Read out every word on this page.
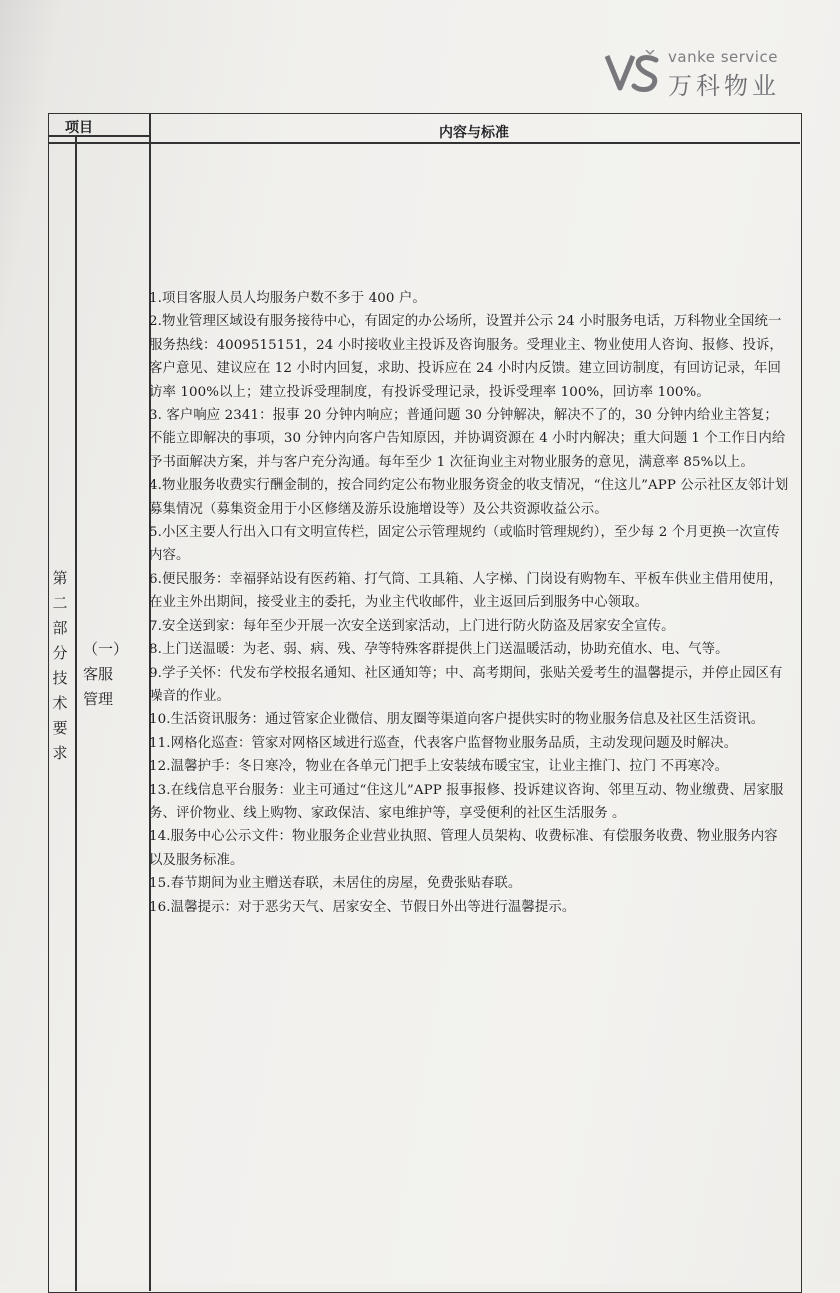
vanke service
万科物业
项目	内容与标准
第二部分 技术要求
（一）客服管理

1.项目客服人员人均服务户数不多于 400 户。

2.物业管理区域设有服务接待中心，有固定的办公场所，设置并公示 24 小时服务电话，万科物业全国统一服务热线：4009515151，24 小时接收业主投诉及咨询服务。受理业主、物业使用人咨询、报修、投诉，客户意见、建议应在 12 小时内回复，求助、投诉应在 24 小时内反馈。建立回访制度，有回访记录，年回访率 100%以上；建立投诉受理制度，有投诉受理记录，投诉受理率 100%，回访率 100%。

3. 客户响应 2341：报事 20 分钟内响应；普通问题 30 分钟解决，解决不了的，30 分钟内给业主答复；不能立即解决的事项，30 分钟内向客户告知原因，并协调资源在 4 小时内解决；重大问题 1 个工作日内给予书面解决方案，并与客户充分沟通。每年至少 1 次征询业主对物业服务的意见，满意率 85%以上。

4.物业服务收费实行酬金制的，按合同约定公布物业服务资金的收支情况，“住这儿”APP 公示社区友邻计划募集情况（募集资金用于小区修缮及游乐设施增设等）及公共资源收益公示。

5.小区主要人行出入口有文明宣传栏，固定公示管理规约（或临时管理规约），至少每 2 个月更换一次宣传内容。

6.便民服务：幸福驿站设有医药箱、打气筒、工具箱、人字梯、门岗设有购物车、平板车供业主借用使用，在业主外出期间，接受业主的委托，为业主代收邮件，业主返回后到服务中心领取。

7.安全送到家：每年至少开展一次安全送到家活动，上门进行防火防盗及居家安全宣传。

8.上门送温暖：为老、弱、病、残、孕等特殊客群提供上门送温暖活动，协助充值水、电、气等。

9.学子关怀：代发布学校报名通知、社区通知等；中、高考期间，张贴关爱考生的温馨提示，并停止园区有噪音的作业。

10.生活资讯服务：通过管家企业微信、朋友圈等渠道向客户提供实时的物业服务信息及社区生活资讯。

11.网格化巡查：管家对网格区域进行巡查，代表客户监督物业服务品质，主动发现问题及时解决。

12.温馨护手：冬日寒冷，物业在各单元门把手上安装绒布暖宝宝，让业主推门、拉门 不再寒冷。

13.在线信息平台服务：业主可通过“住这儿”APP 报事报修、投诉建议咨询、邻里互动、物业缴费、居家服务、评价物业、线上购物、家政保洁、家电维护等，享受便利的社区生活服务 。

14.服务中心公示文件：物业服务企业营业执照、管理人员架构、收费标准、有偿服务收费、物业服务内容以及服务标准。

15.春节期间为业主赠送春联，未居住的房屋，免费张贴春联。

16.温馨提示：对于恶劣天气、居家安全、节假日外出等进行温馨提示。
